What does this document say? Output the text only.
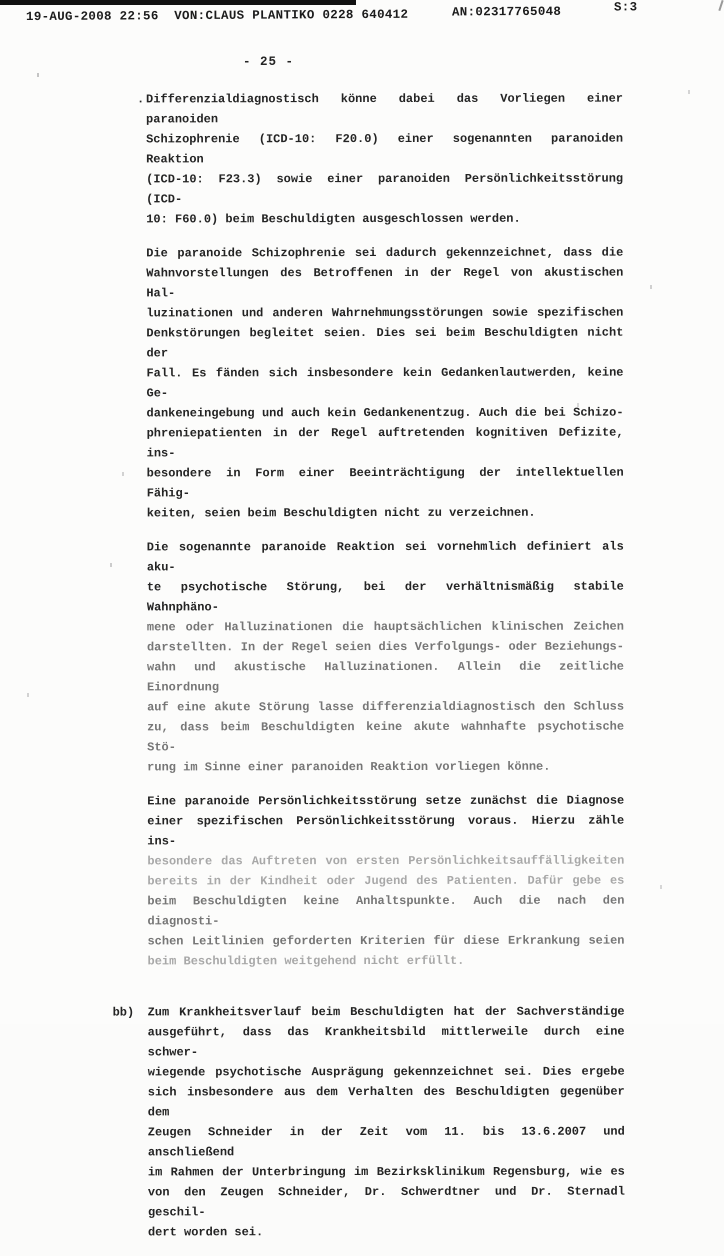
19-AUG-2008 22:56  VON:CLAUS PLANTIKO 0228 640412	AN:02317765048	S:3
- 25 -
. Differenzialdiagnostisch könne dabei das Vorliegen einer paranoiden
Schizophrenie (ICD-10: F20.0) einer sogenannten paranoiden Reaktion
(ICD-10: F23.3) sowie einer paranoiden Persönlichkeitsstörung (ICD-
10: F60.0) beim Beschuldigten ausgeschlossen werden.
Die paranoide Schizophrenie sei dadurch gekennzeichnet, dass die
Wahnvorstellungen des Betroffenen in der Regel von akustischen Hal-
luzinationen und anderen Wahrnehmungsstörungen sowie spezifischen
Denkstörungen begleitet seien. Dies sei beim Beschuldigten nicht der
Fall. Es fänden sich insbesondere kein Gedankenlautwerden, keine Ge-
dankeneingebung und auch kein Gedankenentzug. Auch die bei Schizo-
phreniepatienten in der Regel auftretenden kognitiven Defizite, ins-
besondere in Form einer Beeinträchtigung der intellektuellen Fähig-
keiten, seien beim Beschuldigten nicht zu verzeichnen.
Die sogenannte paranoide Reaktion sei vornehmlich definiert als aku-
te psychotische Störung, bei der verhältnismäßig stabile Wahnphäno-
mene oder Halluzinationen die hauptsächlichen klinischen Zeichen
darstellten. In der Regel seien dies Verfolgungs- oder Beziehungs-
wahn und akustische Halluzinationen. Allein die zeitliche Einordnung
auf eine akute Störung lasse differenzialdiagnostisch den Schluss
zu, dass beim Beschuldigten keine akute wahnhafte psychotische Stö-
rung im Sinne einer paranoiden Reaktion vorliegen könne.
Eine paranoide Persönlichkeitsstörung setze zunächst die Diagnose
einer spezifischen Persönlichkeitsstörung voraus. Hierzu zähle ins-
besondere das Auftreten von ersten Persönlichkeitsauffälligkeiten
bereits in der Kindheit oder Jugend des Patienten. Dafür gebe es
beim Beschuldigten keine Anhaltspunkte. Auch die nach den diagnosti-
schen Leitlinien geforderten Kriterien für diese Erkrankung seien
beim Beschuldigten weitgehend nicht erfüllt.
bb) Zum Krankheitsverlauf beim Beschuldigten hat der Sachverständige
ausgeführt, dass das Krankheitsbild mittlerweile durch eine schwer-
wiegende psychotische Ausprägung gekennzeichnet sei. Dies ergebe
sich insbesondere aus dem Verhalten des Beschuldigten gegenüber dem
Zeugen Schneider in der Zeit vom 11. bis 13.6.2007 und anschließend
im Rahmen der Unterbringung im Bezirksklinikum Regensburg, wie es
von den Zeugen Schneider, Dr. Schwerdtner und Dr. Sternadl geschil-
dert worden sei.
